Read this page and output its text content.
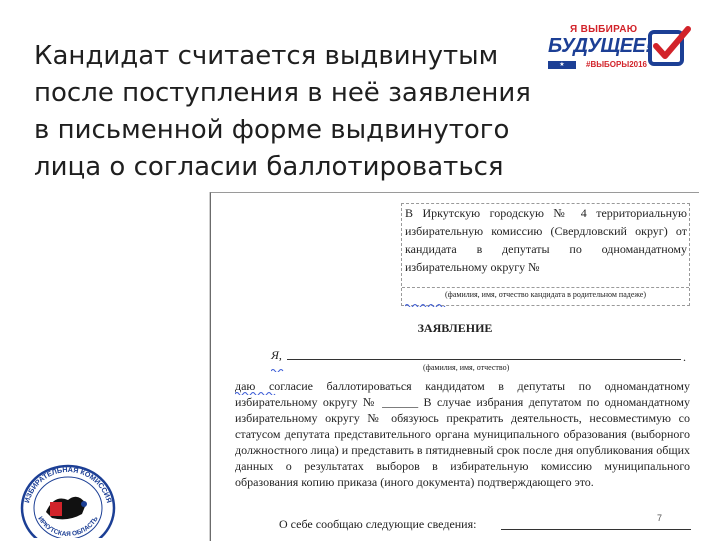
Кандидат считается выдвинутым после поступления в неё заявления в письменной форме выдвинутого лица о согласии баллотироваться
Я ВЫБИРАЮ
БУДУЩЕЕ!
★	#ВЫБОРЫ2016
ИЗБИРАТЕЛЬНАЯ КОМИССИЯ
ИРКУТСКАЯ ОБЛАСТЬ
В Иркутскую городскую № 4 территориальную избирательную комиссию (Свердловский округ) от кандидата в депутаты по одномандатному избирательному округу №
(фамилия, имя, отчество кандидата в родительном падеже)
ЗАЯВЛЕНИЕ
Я,	.
(фамилия, имя, отчество)
даю согласие баллотироваться кандидатом в депутаты по одномандатному избирательному округу № ______ В случае избрания депутатом по одномандатному избирательному округу № обязуюсь прекратить деятельность, несовместимую со статусом депутата представительного органа муниципального образования (выборного должностного лица) и представить в пятидневный срок после дня опубликования общих данных о результатах выборов в избирательную комиссию муниципального образования копию приказа (иного документа) подтверждающего это.
О себе сообщаю следующие сведения:	7
